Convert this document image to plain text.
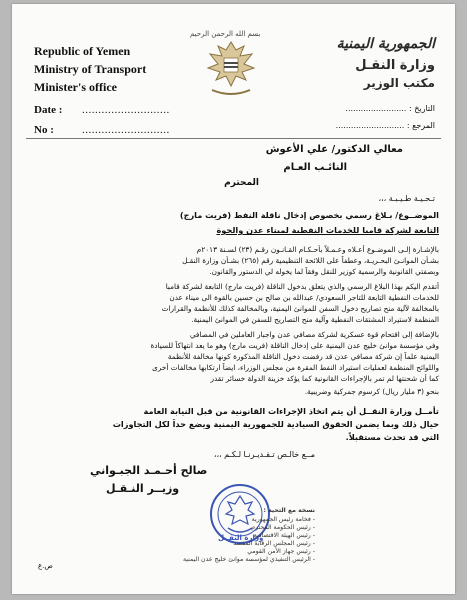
Republic of Yemen
Ministry of Transport
Minister's office
الجمهورية اليمنية
وزارة النقـل
مكتب الوزير
بسم الله الرحمن الرحيم
Date : ...........................
No :	...........................
التاريخ : ........................
المرجع : ...........................
معالي الدكتور/ علي الأعوش
النائـب العـام
المحترم
تـحـيـة طـيـبـة ،،،
الموضــوع/ بـلاغ رسمي بخصوص إدخال ناقلة النفط (فريت مارج)
التابعة لشركة قامبا للخدمات النفطية لميناء عدن والحوة
بالإشـارة إلـى الموضـوع أعـلاه وعـمـلاً بأحـكـام القـانـون رقـم (٢٣) لسـنة ٢٠١٣م
بشـأن الموانـئ البحـريـة، وعطفاً على اللائحة التنظيمية رقم (٢٦٥) بشـأن وزارة النقـل
وبصفتي القانونية والرسمية كوزير للنقل وفقاً لما يخوله لي الدستور والقانون.
أتقدم اليكم بهذا البلاغ الرسمي والذي يتعلق بدخول الناقلة (فريت مارج) التابعة لشركة قامبا
للخدمات النفطية التابعة للتاجر السعودي/ عبدالله بن صالح بن حسين بالقوة الى ميناء عدن
بالمخالفة لآلية منح تصاريح دخول السفن للموانئ اليمنية، وبالمخالفة كذلك للأنظمة والقرارات
المنظمة لاستيراد المشتقات النفطية وآلية منح التصاريح للسفن في الموانئ اليمنية.
بالإضافة إلى اقتحام قوة عسكرية لشركة مصافي عدن واجبار العاملين في المصافي
وفي مؤسسة موانئ خليج عدن اليمنية على إدخال الناقلة (فريت مارج) وهو ما يعد انتهاكاً للسيادة
اليمنية علماً إن شركة مصافي عدن قد رفضت دخول الناقلة المذكورة كونها مخالفة للأنظمة
واللوائح المنظمة لعمليات استيراد النفط المقرة من مجلس الوزراء، ايضاً ارتكابها مخالفات أخرى
كما أن شحنتها لم تمر بالإجراءات القانونية كما يؤكد خزينة الدولة خسائر تقدر
بنحو (٣ مليار ريال) كرسوم جمركية وضريبية.
تأمــل وزارة النقــل أن يتم اتخاذ الإجراءات القانونية من قبل النيابة العامة
حيال ذلك وبما يضمن الحقوق السيادية للجمهورية اليمنية ويضع حداً لكل التجاوزات
التي قد تحدث مستقبلاً.
مــع خالـص تـقـديـرنـا لـكـم ،،،
صالح أحـمـد الجبـواني
وزيــر النـقـل
وزارة النقــل
نسخة مع التحية :
- فخامة رئيس الجمهورية
- رئيس الحكومة المحترم
- رئيس الهيئة الاقتصادية
- رئيس المجلس الرقابة المفسد
- رئيس جهاز الأمن القومي
- الرئيس التنفيذي لمؤسسة موانئ خليج عدن اليمنية
ص.ع
